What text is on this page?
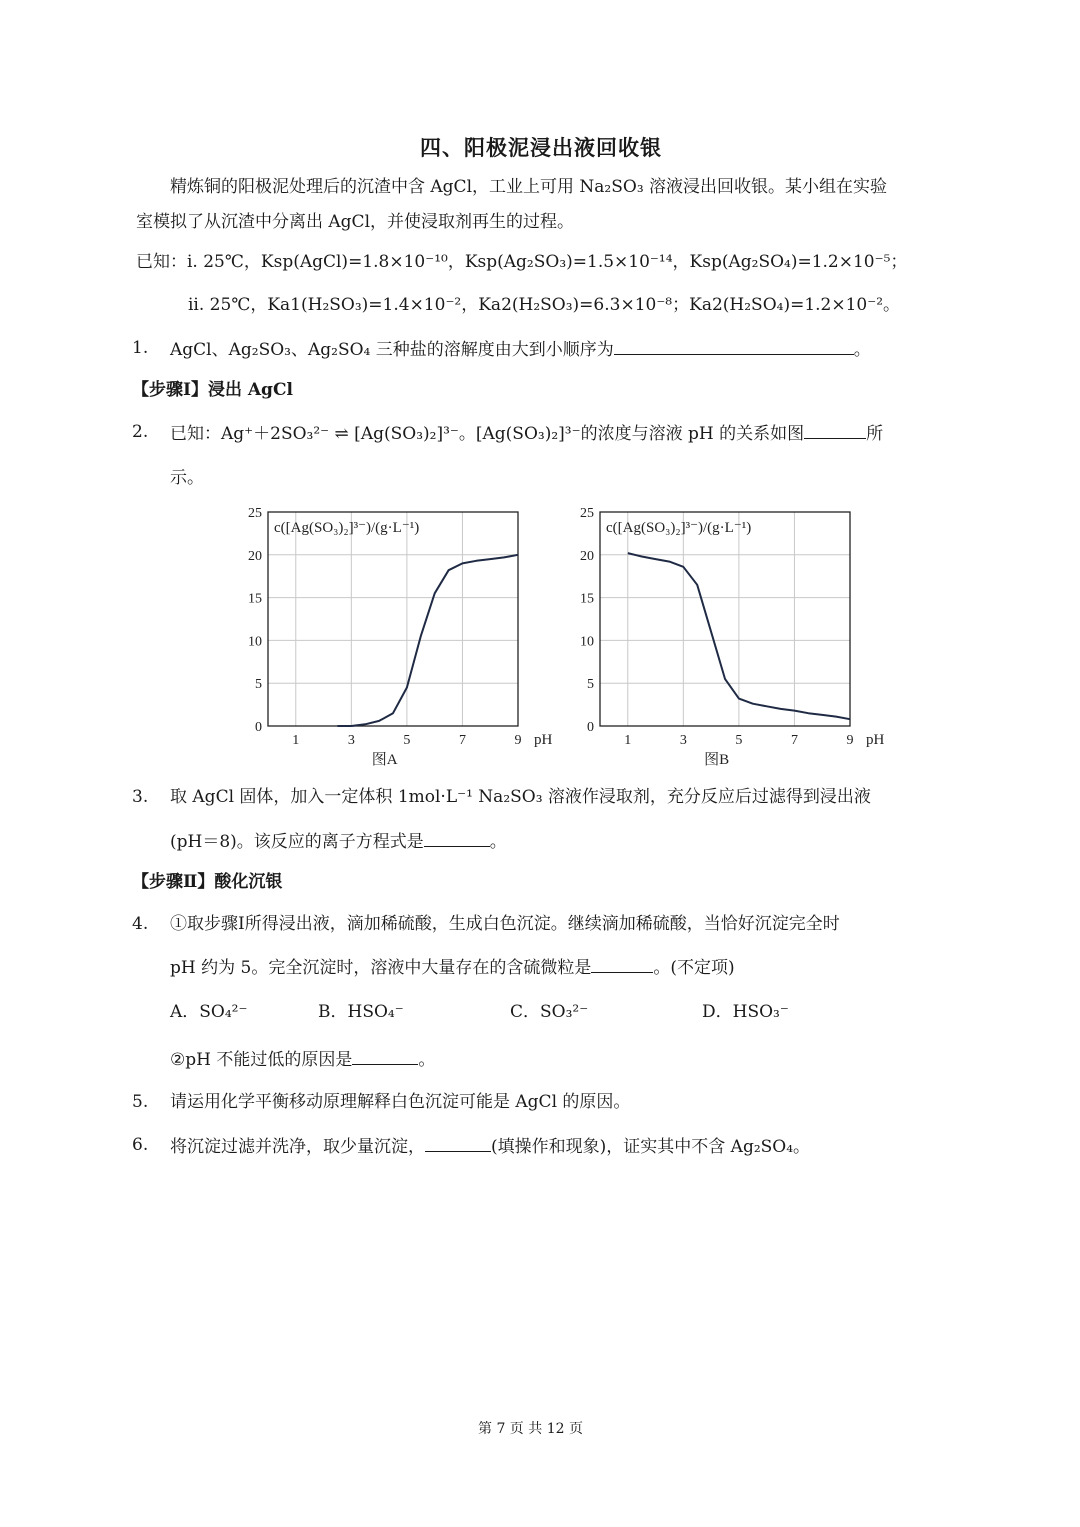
四、阳极泥浸出液回收银
精炼铜的阳极泥处理后的沉渣中含 AgCl，工业上可用 Na₂SO₃ 溶液浸出回收银。某小组在实验
室模拟了从沉渣中分离出 AgCl，并使浸取剂再生的过程。
已知：i. 25℃，Ksp(AgCl)=1.8×10⁻¹⁰，Ksp(Ag₂SO₃)=1.5×10⁻¹⁴，Ksp(Ag₂SO₄)=1.2×10⁻⁵；
ii. 25℃，Ka1(H₂SO₃)=1.4×10⁻²，Ka2(H₂SO₃)=6.3×10⁻⁸；Ka2(H₂SO₄)=1.2×10⁻²。
1. AgCl、Ag₂SO₃、Ag₂SO₄ 三种盐的溶解度由大到小顺序为	。
【步骤Ⅰ】浸出 AgCl
2. 已知：Ag⁺＋2SO₃²⁻ ⇌ [Ag(SO₃)₂]³⁻。[Ag(SO₃)₂]³⁻的浓度与溶液 pH 的关系如图	所
示。
1	3	5	7	9
0
5
10
15
20
25
c([Ag(SO₃)₂]³⁻)/(g·L⁻¹)
pH
图A
1	3	5	7	9
0
5
10
15
20
25
c([Ag(SO₃)₂]³⁻)/(g·L⁻¹)
pH
图B
3. 取 AgCl 固体，加入一定体积 1mol·L⁻¹ Na₂SO₃ 溶液作浸取剂，充分反应后过滤得到浸出液
(pH＝8)。该反应的离子方程式是	。
【步骤Ⅱ】酸化沉银
4. ①取步骤Ⅰ所得浸出液，滴加稀硫酸，生成白色沉淀。继续滴加稀硫酸，当恰好沉淀完全时
pH 约为 5。完全沉淀时，溶液中大量存在的含硫微粒是	。(不定项)
A．SO₄²⁻	B．HSO₄⁻	C．SO₃²⁻	D．HSO₃⁻
②pH 不能过低的原因是	。
5. 请运用化学平衡移动原理解释白色沉淀可能是 AgCl 的原因。
6. 将沉淀过滤并洗净，取少量沉淀，	(填操作和现象)，证实其中不含 Ag₂SO₄。
第 7 页 共 12 页
